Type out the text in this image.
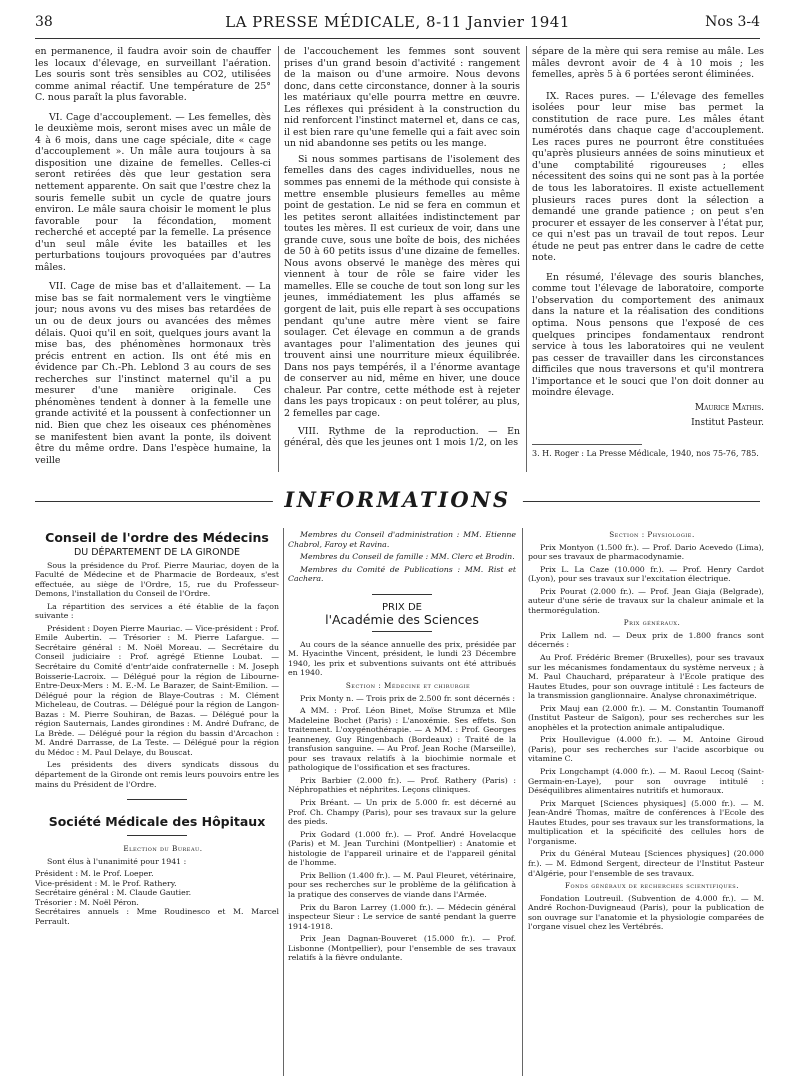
38	LA PRESSE MÉDICALE, 8-11 Janvier 1941	Nos 3-4

en permanence, il faudra avoir soin de chauffer les locaux d'élevage, en surveillant l'aération. Les souris sont très sensibles au CO2, utilisées comme animal réactif. Une température de 25° C. nous paraît la plus favorable.

VI. Cage d'accouplement. — Les femelles, dès le deuxième mois, seront mises avec un mâle de 4 à 6 mois, dans une cage spéciale, dite « cage d'accouplement ». Un mâle aura toujours à sa disposition une dizaine de femelles. Celles-ci seront retirées dès que leur gestation sera nettement apparente. On sait que l'œstre chez la souris femelle subit un cycle de quatre jours environ. Le mâle saura choisir le moment le plus favorable pour la fécondation, moment recherché et accepté par la femelle. La présence d'un seul mâle évite les batailles et les perturbations toujours provoquées par d'autres mâles.

VII. Cage de mise bas et d'allaitement. — La mise bas se fait normalement vers le vingtième jour; nous avons vu des mises bas retardées de un ou de deux jours ou avancées des mêmes délais. Quoi qu'il en soit, quelques jours avant la mise bas, des phénomènes hormonaux très précis entrent en action. Ils ont été mis en évidence par Ch.-Ph. Leblond 3 au cours de ses recherches sur l'instinct maternel qu'il a pu mesurer d'une manière originale. Ces phénomènes tendent à donner à la femelle une grande activité et la poussent à confectionner un nid. Bien que chez les oiseaux ces phénomènes se manifestent bien avant la ponte, ils doivent être du même ordre. Dans l'espèce humaine, la veille

de l'accouchement les femmes sont souvent prises d'un grand besoin d'activité : rangement de la maison ou d'une armoire. Nous devons donc, dans cette circonstance, donner à la souris les matériaux qu'elle pourra mettre en œuvre. Les réflexes qui président à la construction du nid renforcent l'instinct maternel et, dans ce cas, il est bien rare qu'une femelle qui a fait avec soin un nid abandonne ses petits ou les mange.

Si nous sommes partisans de l'isolement des femelles dans des cages individuelles, nous ne sommes pas ennemi de la méthode qui consiste à mettre ensemble plusieurs femelles au même point de gestation. Le nid se fera en commun et les petites seront allaitées indistinctement par toutes les mères. Il est curieux de voir, dans une grande cuve, sous une boîte de bois, des nichées de 50 à 60 petits issus d'une dizaine de femelles. Nous avons observé le manège des mères qui viennent à tour de rôle se faire vider les mamelles. Elle se couche de tout son long sur les jeunes, immédiatement les plus affamés se gorgent de lait, puis elle repart à ses occupations pendant qu'une autre mère vient se faire soulager. Cet élevage en commun a de grands avantages pour l'alimentation des jeunes qui trouvent ainsi une nourriture mieux équilibrée. Dans nos pays tempérés, il a l'énorme avantage de conserver au nid, même en hiver, une douce chaleur. Par contre, cette méthode est à rejeter dans les pays tropicaux : on peut tolérer, au plus, 2 femelles par cage.

VIII. Rythme de la reproduction. — En général, dès que les jeunes ont 1 mois 1/2, on les

sépare de la mère qui sera remise au mâle. Les mâles devront avoir de 4 à 10 mois ; les femelles, après 5 à 6 portées seront éliminées.

IX. Races pures. — L'élevage des femelles isolées pour leur mise bas permet la constitution de race pure. Les mâles étant numérotés dans chaque cage d'accouplement. Les races pures ne pourront être constituées qu'après plusieurs années de soins minutieux et d'une comptabilité rigoureuses ; elles nécessitent des soins qui ne sont pas à la portée de tous les laboratoires. Il existe actuellement plusieurs races pures dont la sélection a demandé une grande patience ; on peut s'en procurer et essayer de les conserver à l'état pur, ce qui n'est pas un travail de tout repos. Leur étude ne peut pas entrer dans le cadre de cette note.

En résumé, l'élevage des souris blanches, comme tout l'élevage de laboratoire, comporte l'observation du comportement des animaux dans la nature et la réalisation des conditions optima. Nous pensons que l'exposé de ces quelques principes fondamentaux rendront service à tous les laboratoires qui ne veulent pas cesser de travailler dans les circonstances difficiles que nous traversons et qu'il montrera l'importance et le souci que l'on doit donner au moindre élevage.

Maurice Mathis.

Institut Pasteur.

3. H. Roger : La Presse Médicale, 1940, nos 75-76, 785.

INFORMATIONS

Conseil de l'ordre des Médecins

DU DÉPARTEMENT DE LA GIRONDE

Sous la présidence du Prof. Pierre Mauriac, doyen de la Faculté de Médecine et de Pharmacie de Bordeaux, s'est effectuée, au siège de l'Ordre, 15, rue du Professeur-Demons, l'installation du Conseil de l'Ordre.

La répartition des services a été établie de la façon suivante :

Président : Doyen Pierre Mauriac. — Vice-président : Prof. Emile Aubertin. — Trésorier : M. Pierre Lafargue. — Secrétaire général : M. Noël Moreau. — Secrétaire du Conseil judiciaire : Prof. agrégé Etienne Loubat. — Secrétaire du Comité d'entr'aide confraternelle : M. Joseph Boisserie-Lacroix. — Délégué pour la région de Libourne-Entre-Deux-Mers : M. E.-M. Le Barazer, de Saint-Emilion. — Délégué pour la région de Blaye-Coutras : M. Clément Micheleau, de Coutras. — Délégué pour la région de Langon-Bazas : M. Pierre Souhiran, de Bazas. — Délégué pour la région Sauternais, Landes girondines : M. André Dufranc, de La Brède. — Délégué pour la région du bassin d'Arcachon : M. André Darrasse, de La Teste. — Délégué pour la région du Médoc : M. Paul Delaye, du Bouscat.

Les présidents des divers syndicats dissous du département de la Gironde ont remis leurs pouvoirs entre les mains du Président de l'Ordre.

Société Médicale des Hôpitaux

Election du Bureau.

Sont élus à l'unanimité pour 1941 :

Président : M. le Prof. Loeper.

Vice-président : M. le Prof. Rathery.

Secrétaire général : M. Claude Gautier.

Trésorier : M. Noël Péron.

Secrétaires annuels : Mme Roudinesco et M. Marcel Perrault.

Membres du Conseil d'administration : MM. Etienne Chabrol, Faroy et Ravina.

Membres du Conseil de famille : MM. Clerc et Brodin.

Membres du Comité de Publications : MM. Rist et Cachera.

PRIX DE

l'Académie des Sciences

Au cours de la séance annuelle des prix, présidée par M. Hyacinthe Vincent, président, le lundi 23 Décembre 1940, les prix et subventions suivants ont été attribués en 1940.

Section : Médecine et chirurgie

Prix Monty n. — Trois prix de 2.500 fr. sont décernés :

A MM. : Prof. Léon Binet, Moïse Strumza et Mlle Madeleine Bochet (Paris) : L'anoxémie. Ses effets. Son traitement. L'oxygénothérapie. — A MM. : Prof. Georges Jeanneney, Guy Ringenbach (Bordeaux) : Traité de la transfusion sanguine. — Au Prof. Jean Roche (Marseille), pour ses travaux relatifs à la biochimie normale et pathologique de l'ossification et ses fractures.

Prix Barbier (2.000 fr.). — Prof. Rathery (Paris) : Néphropathies et néphrites. Leçons cliniques.

Prix Bréant. — Un prix de 5.000 fr. est décerné au Prof. Ch. Champy (Paris), pour ses travaux sur la gelure des pieds.

Prix Godard (1.000 fr.). — Prof. André Hovelacque (Paris) et M. Jean Turchini (Montpellier) : Anatomie et histologie de l'appareil urinaire et de l'appareil génital de l'homme.

Prix Bellion (1.400 fr.). — M. Paul Fleuret, vétérinaire, pour ses recherches sur le problème de la gélification à la pratique des conserves de viande dans l'Armée.

Prix du Baron Larrey (1.000 fr.). — Médecin général inspecteur Sieur : Le service de santé pendant la guerre 1914-1918.

Prix Jean Dagnan-Bouveret (15.000 fr.). — Prof. Lisbonne (Montpellier), pour l'ensemble de ses travaux relatifs à la fièvre ondulante.

Section : Physiologie.

Prix Montyon (1.500 fr.). — Prof. Dario Acevedo (Lima), pour ses travaux de pharmacodynamie.

Prix L. La Caze (10.000 fr.). — Prof. Henry Cardot (Lyon), pour ses travaux sur l'excitation électrique.

Prix Pourat (2.000 fr.). — Prof. Jean Giaja (Belgrade), auteur d'une série de travaux sur la chaleur animale et la thermorégulation.

Prix généraux.

Prix Lallem nd. — Deux prix de 1.800 francs sont décernés :

Au Prof. Frédéric Bremer (Bruxelles), pour ses travaux sur les mécanismes fondamentaux du système nerveux ; à M. Paul Chauchard, préparateur à l'Ecole pratique des Hautes Etudes, pour son ouvrage intitulé : Les facteurs de la transmission ganglionnaire. Analyse chronaximétrique.

Prix Mauj ean (2.000 fr.). — M. Constantin Toumanoff (Institut Pasteur de Saïgon), pour ses recherches sur les anophèles et la protection animale antipaludique.

Prix Houllevigue (4.000 fr.). — M. Antoine Giroud (Paris), pour ses recherches sur l'acide ascorbique ou vitamine C.

Prix Longchampt (4.000 fr.). — M. Raoul Lecoq (Saint-Germain-en-Laye), pour son ouvrage intitulé : Déséquilibres alimentaires nutritifs et humoraux.

Prix Marquet [Sciences physiques] (5.000 fr.). — M. Jean-André Thomas, maître de conférences à l'Ecole des Hautes Etudes, pour ses travaux sur les transformations, la multiplication et la spécificité des cellules hors de l'organisme.

Prix du Général Muteau [Sciences physiques] (20.000 fr.). — M. Edmond Sergent, directeur de l'Institut Pasteur d'Algérie, pour l'ensemble de ses travaux.

Fonds généraux de recherches scientifiques.

Fondation Loutreuil. (Subvention de 4.000 fr.). — M. André Rochon-Duvigneaud (Paris), pour la publication de son ouvrage sur l'anatomie et la physiologie comparées de l'organe visuel chez les Vertébrés.
